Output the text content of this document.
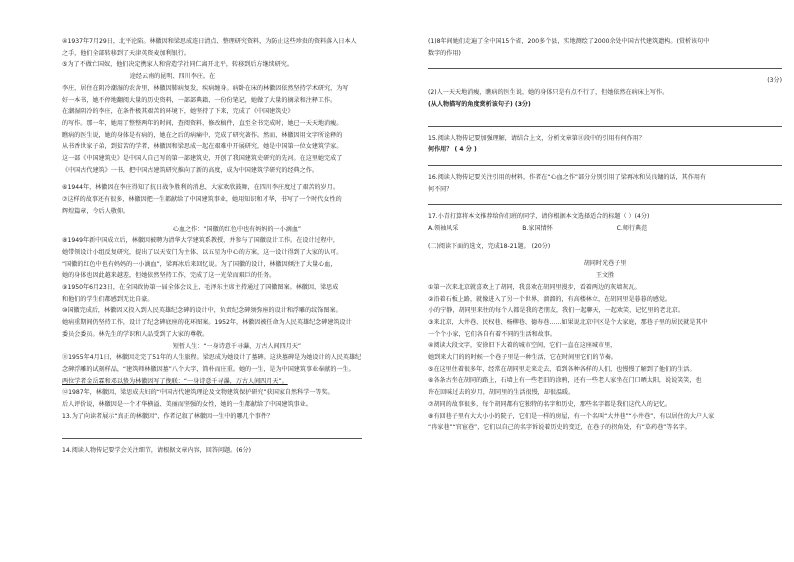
④1937年7月29日，北平沦陷。林徽因和梁思成连日清点、整理研究资料，为防止这些珍贵的资料落入日本人

之手，他们全部转移到了天津英资麦加利银行。

⑤为了不做亡国奴，他们决定携家人和营造学社同仁离开北平，转移到后方继续研究。

途经云南的昆明、四川李庄。在

李庄，居住在阴冷潮湿的农舍里，林徽因肺病复发，疾病缠身。病卧在床的林徽因依然坚持学术研究，为写

好一本书，她不停地翻阅大量的历史资料，一部部典籍、一份份笔记，她做了大量的摘录和注释工作。

在潮湿阴冷的李庄，在条件极其艰苦的环境下，她坚持了下来，完成了《中国建筑史》

的写作。那一年，她用了整整两年的时间，查阅资料，修改稿件，直至全书完成时，她已一天天地消瘦。

瞧病的医生说，她的身体是有病的，她在之后的病痛中，完成了研究著作。然而，林徽因用文字所诠释的

从书香世家子弟，到贫苦的学者，林徽因和梁思成一起在艰难中开展研究，她是中国第一位女建筑学家。

这一部《中国建筑史》是中国人自己写的第一部建筑史，开创了我国建筑史研究的先河。在这里她完成了

《中国古代建筑》一书，把中国古建筑研究推向了新的高度，成为中国建筑学研究的经典之作。

⑥1944年，林徽因在李庄得知了抗日战争胜利的消息，大家欢欣鼓舞，在四川李庄度过了艰苦的岁月。

⑦这样的故事还有很多，林徽因把一生都献给了中国建筑事业，她用知识和才华，书写了一个时代女性的

辉煌篇章，令后人敬仰。

心血之作：“国徽的红色中也有妈妈的一小滴血”

⑧1949年新中国成立后，林徽因被聘为清华大学建筑系教授，并参与了国徽设计工作。在设计过程中，

她带领设计小组反复研究，提出了以天安门为主体、以五星为中心的方案，这一设计得到了大家的认可。

“国徽的红色中也有妈妈的一小滴血”，梁再冰后来回忆说。为了国徽的设计，林徽因倾注了大量心血，

她的身体也因此越来越差，但她依然坚持工作，完成了这一光荣而艰巨的任务。

⑨1950年6月23日，在全国政协第一届全体会议上，毛泽东主席主持通过了国徽图案。林徽因、梁思成

和他们的学生们都感到无比自豪。

⑩国徽完成后，林徽因又投入到人民英雄纪念碑的设计中，负责纪念碑须弥座的设计和浮雕的纹饰图案。

她病重期间仍坚持工作，设计了纪念碑底座的花环图案。1952年，林徽因被任命为人民英雄纪念碑建筑设计

委员会委员。林先生的学识和人品受到了大家的尊敬。

短暂人生：“一身诗意千寻瀑，万古人间四月天”

⑪1955年4月1日，林徽因走完了51年的人生旅程。梁思成为她设计了墓碑。这块墓碑是为她设计的人民英雄纪

念碑浮雕的试刻样品，“建筑师林徽因墓”八个大字，简朴而庄重。她的一生，是为中国建筑事业奉献的一生。

两位学者金岳霖和邓以蛰为林徽因写了挽联：“一身诗意千寻瀑，万古人间四月天”。

⑫1987年，林徽因、梁思成夫妇的“中国古代建筑理论及文物建筑保护研究”获国家自然科学一等奖。

后人评价说，林徽因是一个才华横溢、美丽而坚强的女性，她的一生都献给了中国建筑事业。

13.为了向读者展示“真正的林徽因”，作者记叙了林徽因一生中的哪几个事件？

14.阅读人物传记要学会关注细节，请根据文章内容，回答问题。(6分)

(1)8年间她们走遍了全中国15个省，200多个县，实地测绘了2000余处中国古代建筑遗构。(赏析该句中

数字的作用)

(3分)

(2)人一天天地消瘦，瞧病的医生说，她的身体只是有点不行了，但她依然在病床上写作。

(从人物描写的角度赏析该句子) (3分)

15.阅读人物传记要加强理解，请结合上文，分析文章第⑪段中的引用有何作用？

何作用？ ( 4 分 )

16.阅读人物传记要关注引用的材料，作者在“心血之作”部分分别引用了梁再冰和吴良镛的话，其作用有

何不同？

17.小青打算将本文推荐给你们班的同学，请你根据本文选择适合的标题（ ）(4分)

A.领袖风采	B.家国情怀	C.师行典范

(二)阅读下面的选文，完成18-21题。 (20分)

胡同时光巷子里

王文胜

①第一次来北京就喜欢上了胡同，我喜欢在胡同里漫步，看着两边的灰墙灰瓦。

②沿着石板上路，就像进入了另一个世界，溜溜的，有高楼林立，在胡同里是暮暮的感觉。

小的宁静，胡同里来往的每个人都是我的老朋友，我们一起聊天，一起欢笑，记忆里的老北京。

③来北京，大井巷、民权巷、杨柳巷、德寿巷……如果说北京中区是个大家庭，那巷子里的居民就是其中

一个个小家，它们各自有着不同的生活和故事。

④阅读大段文字，安徐旧下大着的城市空间，它们一直在这座城市里，

她到来大门的的时候一个巷子里是一种生活，它在时间里它们的节奏。

⑤在这里住着很多年，经常在胡同里走来走去，看到各种各样的人们，也慢慢了解到了他们的生活。

⑥各条古坐在胡同的路上，石墙上有一些老旧的涂鸦，还有一些老人家坐在门口晒太阳，说说笑笑，也

许在回味过去的岁月，胡同里的生活很慢，却很温暖。

⑦胡同的故事很多，每个胡同都有它独特的名字和历史，那些名字都是我们这代人的记忆。

⑧有回巷子里有大大小小的院子，它们是一样的房屋，有一个名叫“大井巷”“小井巷”，有以居住的大户人家

“冉家巷”“官宦巷”，它们以自己的名字诉说着历史的变迁，在巷子的拐角处，有“草药巷”等名字。
